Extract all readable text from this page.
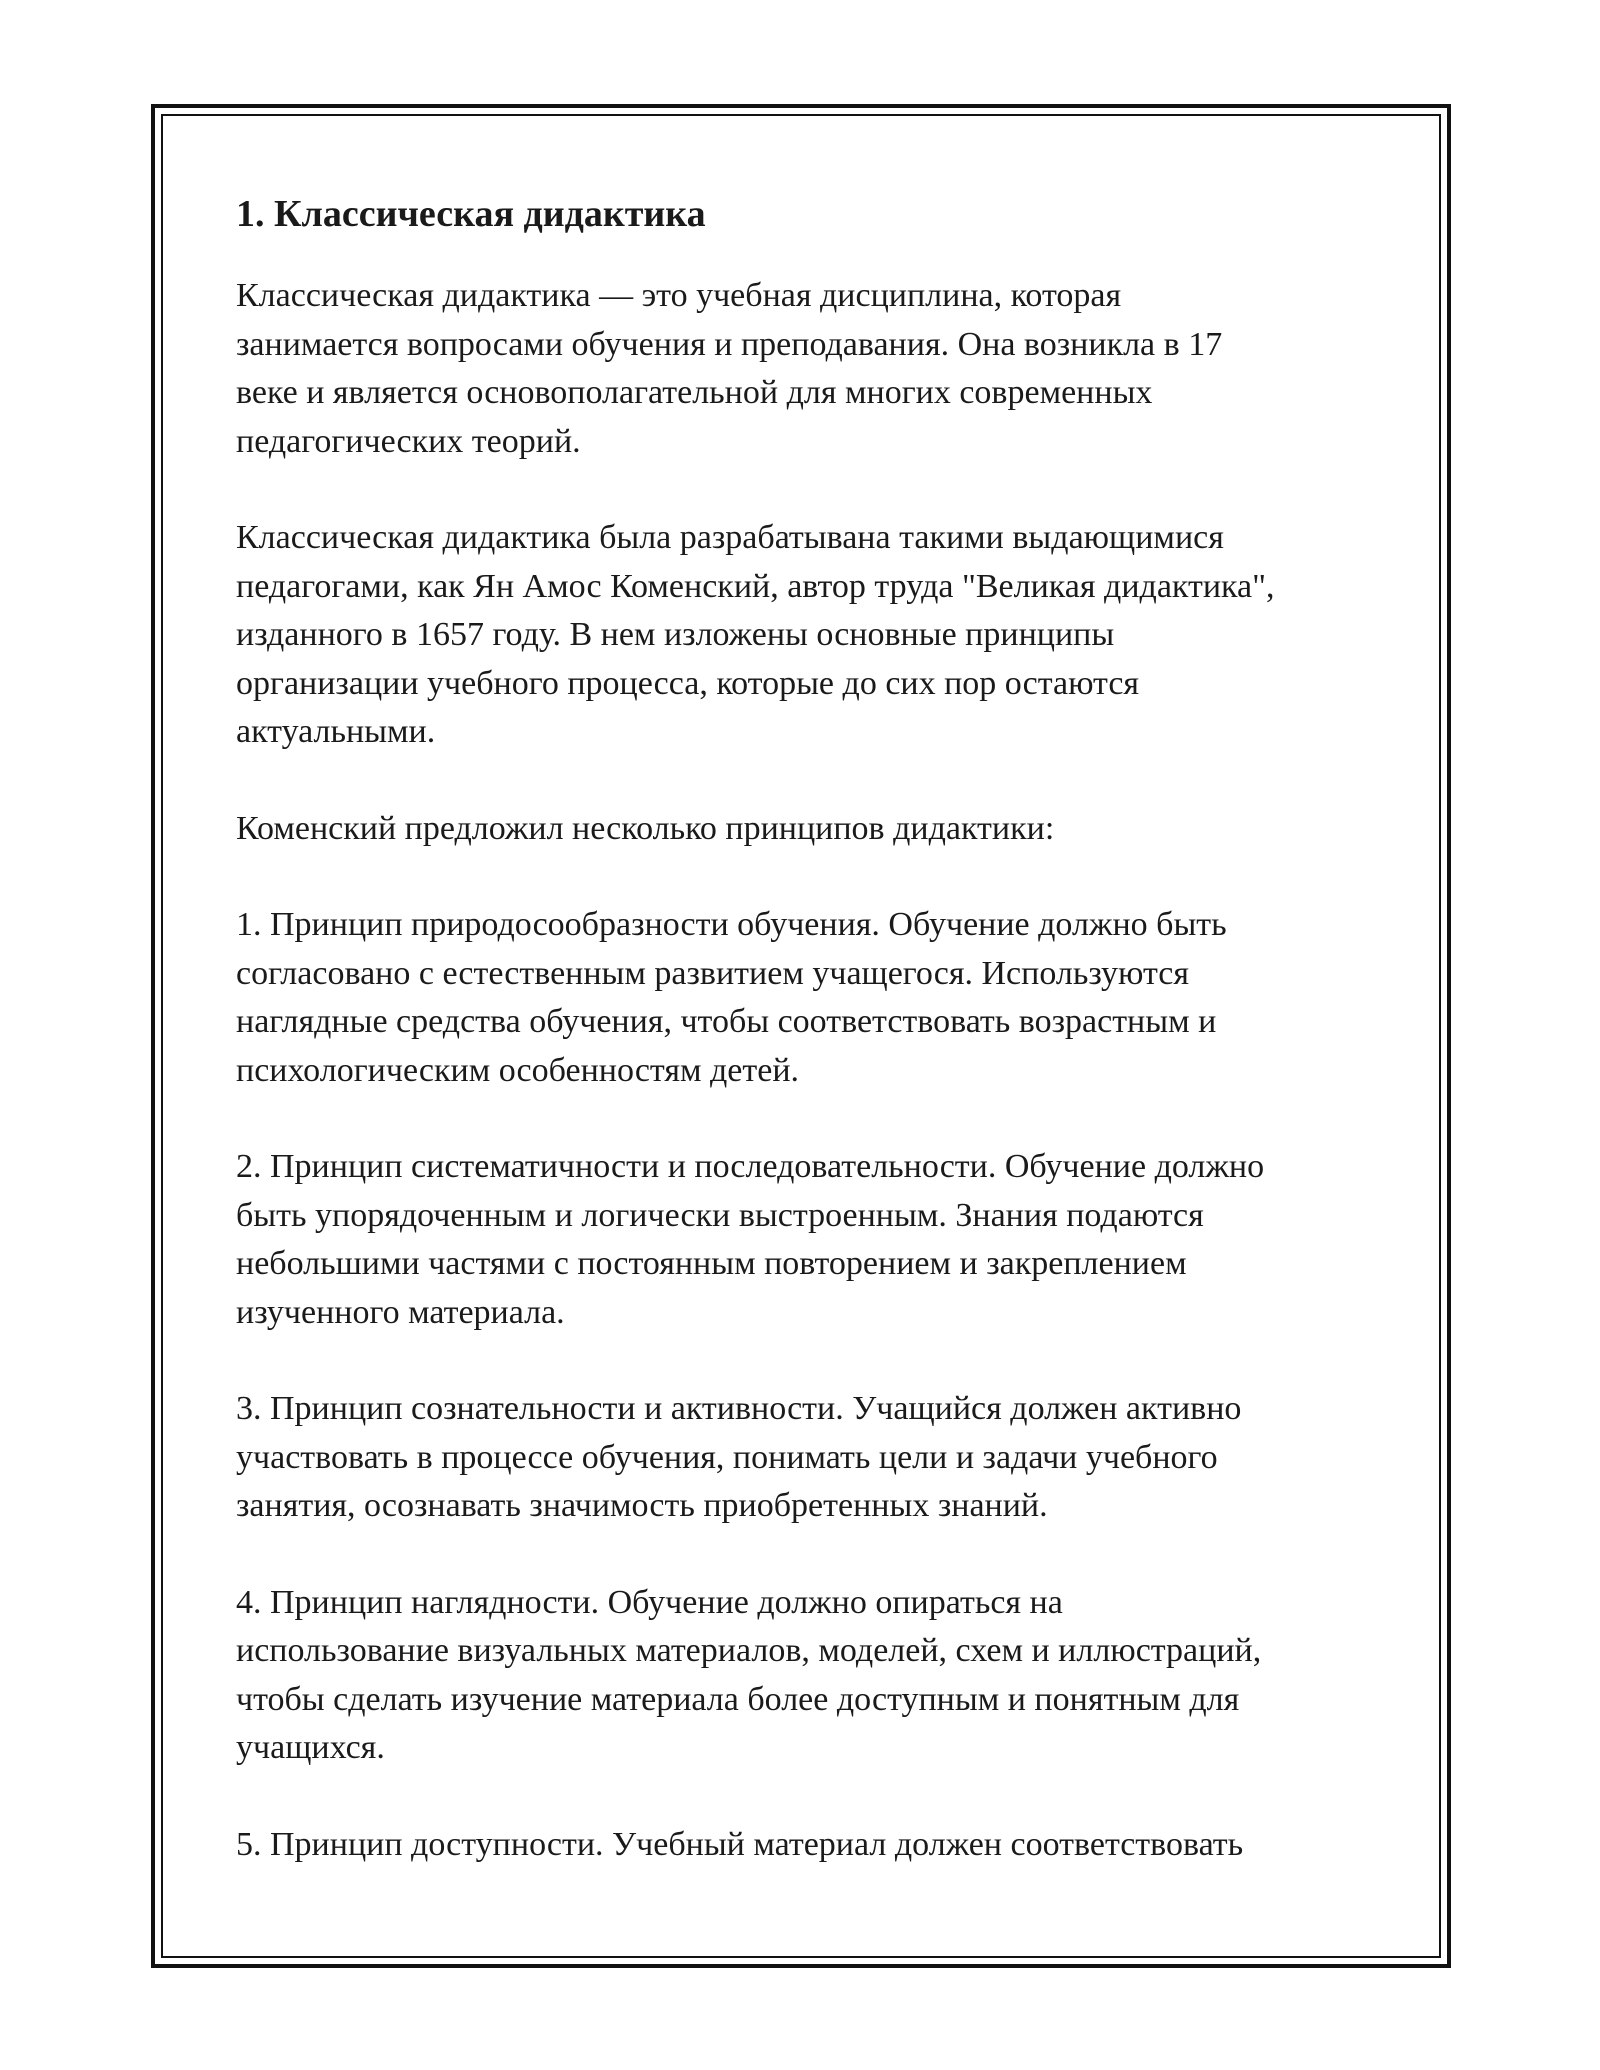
1. Классическая дидактика

Классическая дидактика — это учебная дисциплина, которая
занимается вопросами обучения и преподавания. Она возникла в 17
веке и является основополагательной для многих современных
педагогических теорий.

Классическая дидактика была разрабатывана такими выдающимися
педагогами, как Ян Амос Коменский, автор труда "Великая дидактика",
изданного в 1657 году. В нем изложены основные принципы
организации учебного процесса, которые до сих пор остаются
актуальными.

Коменский предложил несколько принципов дидактики:

1. Принцип природосообразности обучения. Обучение должно быть
согласовано с естественным развитием учащегося. Используются
наглядные средства обучения, чтобы соответствовать возрастным и
психологическим особенностям детей.

2. Принцип систематичности и последовательности. Обучение должно
быть упорядоченным и логически выстроенным. Знания подаются
небольшими частями с постоянным повторением и закреплением
изученного материала.

3. Принцип сознательности и активности. Учащийся должен активно
участвовать в процессе обучения, понимать цели и задачи учебного
занятия, осознавать значимость приобретенных знаний.

4. Принцип наглядности. Обучение должно опираться на
использование визуальных материалов, моделей, схем и иллюстраций,
чтобы сделать изучение материала более доступным и понятным для
учащихся.

5. Принцип доступности. Учебный материал должен соответствовать
